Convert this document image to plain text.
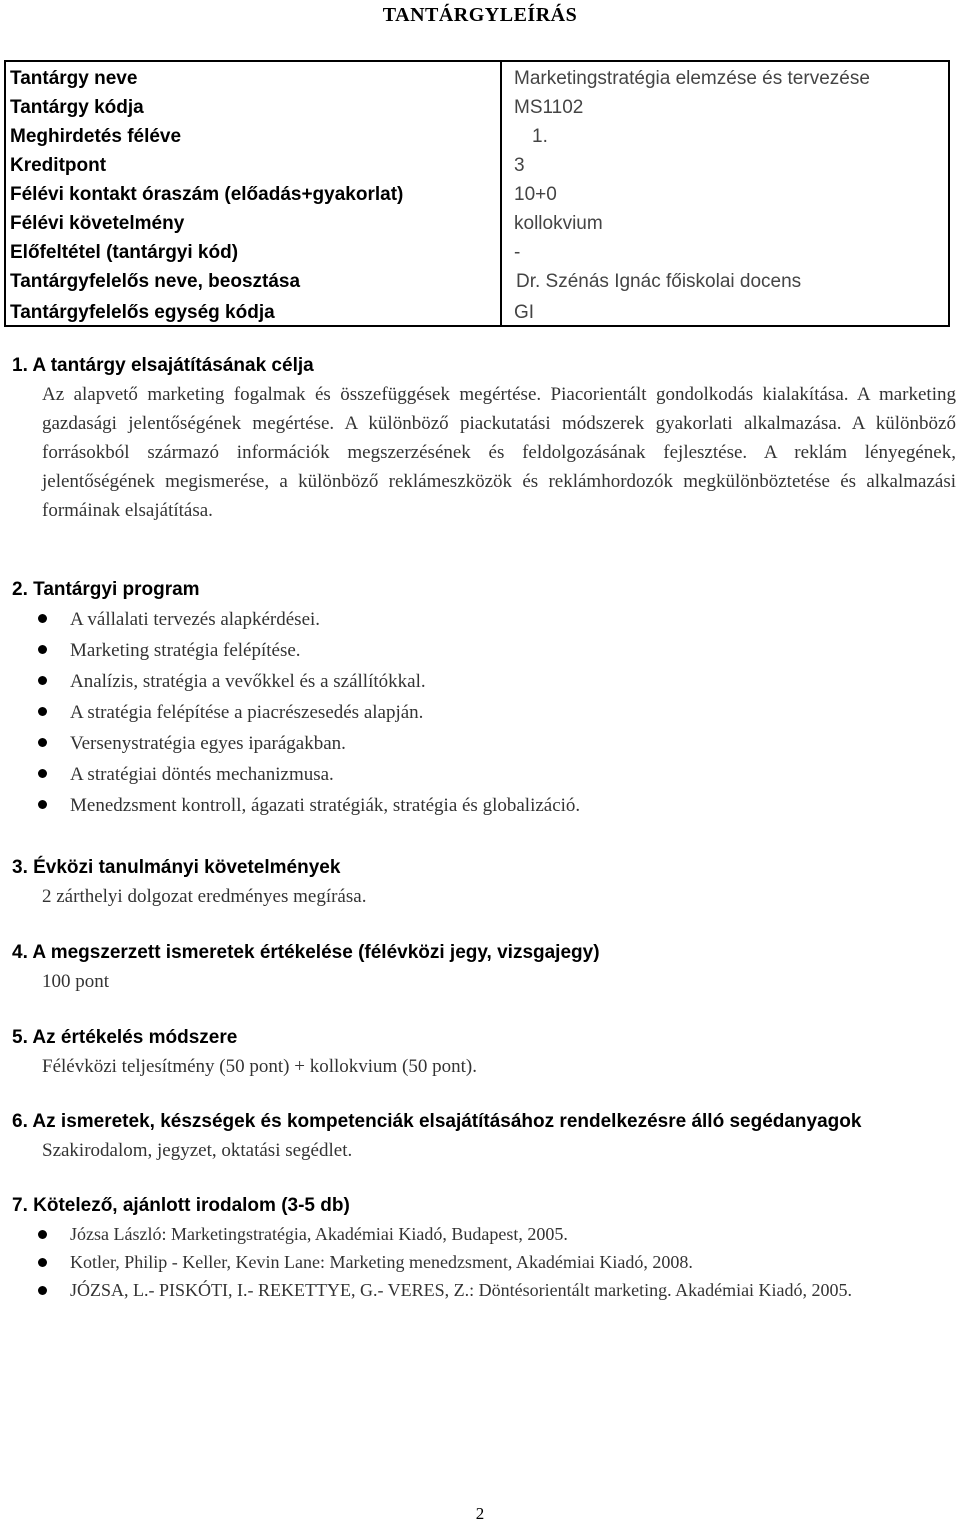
TANTÁRGYLEÍRÁS
Tantárgy neve	Marketingstratégia elemzése és tervezése
Tantárgy kódja	MS1102
Meghirdetés féléve	1.
Kreditpont	3
Félévi kontakt óraszám (előadás+gyakorlat)	10+0
Félévi követelmény	kollokvium
Előfeltétel (tantárgyi kód)	-
Tantárgyfelelős neve, beosztása	Dr. Szénás Ignác főiskolai docens
Tantárgyfelelős egység kódja	GI
1. A tantárgy elsajátításának célja
Az alapvető marketing fogalmak és összefüggések megértése. Piacorientált gondolkodás kialakítása. A marketing gazdasági jelentőségének megértése. A különböző piackutatási módszerek gyakorlati alkalmazása. A különböző forrásokból származó információk megszerzésének és feldolgozásának fejlesztése. A reklám lényegének, jelentőségének megismerése, a különböző reklámeszközök és reklámhordozók megkülönböztetése és alkalmazási formáinak elsajátítása.
2. Tantárgyi program
A vállalati tervezés alapkérdései.
Marketing stratégia felépítése.
Analízis, stratégia a vevőkkel és a szállítókkal.
A stratégia felépítése a piacrészesedés alapján.
Versenystratégia egyes iparágakban.
A stratégiai döntés mechanizmusa.
Menedzsment kontroll, ágazati stratégiák, stratégia és globalizáció.
3. Évközi tanulmányi követelmények
2 zárthelyi dolgozat eredményes megírása.
4. A megszerzett ismeretek értékelése (félévközi jegy, vizsgajegy)
100 pont
5. Az értékelés módszere
Félévközi teljesítmény (50 pont) + kollokvium (50 pont).
6. Az ismeretek, készségek és kompetenciák elsajátításához rendelkezésre álló segédanyagok
Szakirodalom, jegyzet, oktatási segédlet.
7. Kötelező, ajánlott irodalom (3-5 db)
Józsa László: Marketingstratégia, Akadémiai Kiadó, Budapest, 2005.
Kotler, Philip - Keller, Kevin Lane: Marketing menedzsment, Akadémiai Kiadó, 2008.
JÓZSA, L.- PISKÓTI, I.- REKETTYE, G.- VERES, Z.: Döntésorientált marketing. Akadémiai Kiadó, 2005.
2
